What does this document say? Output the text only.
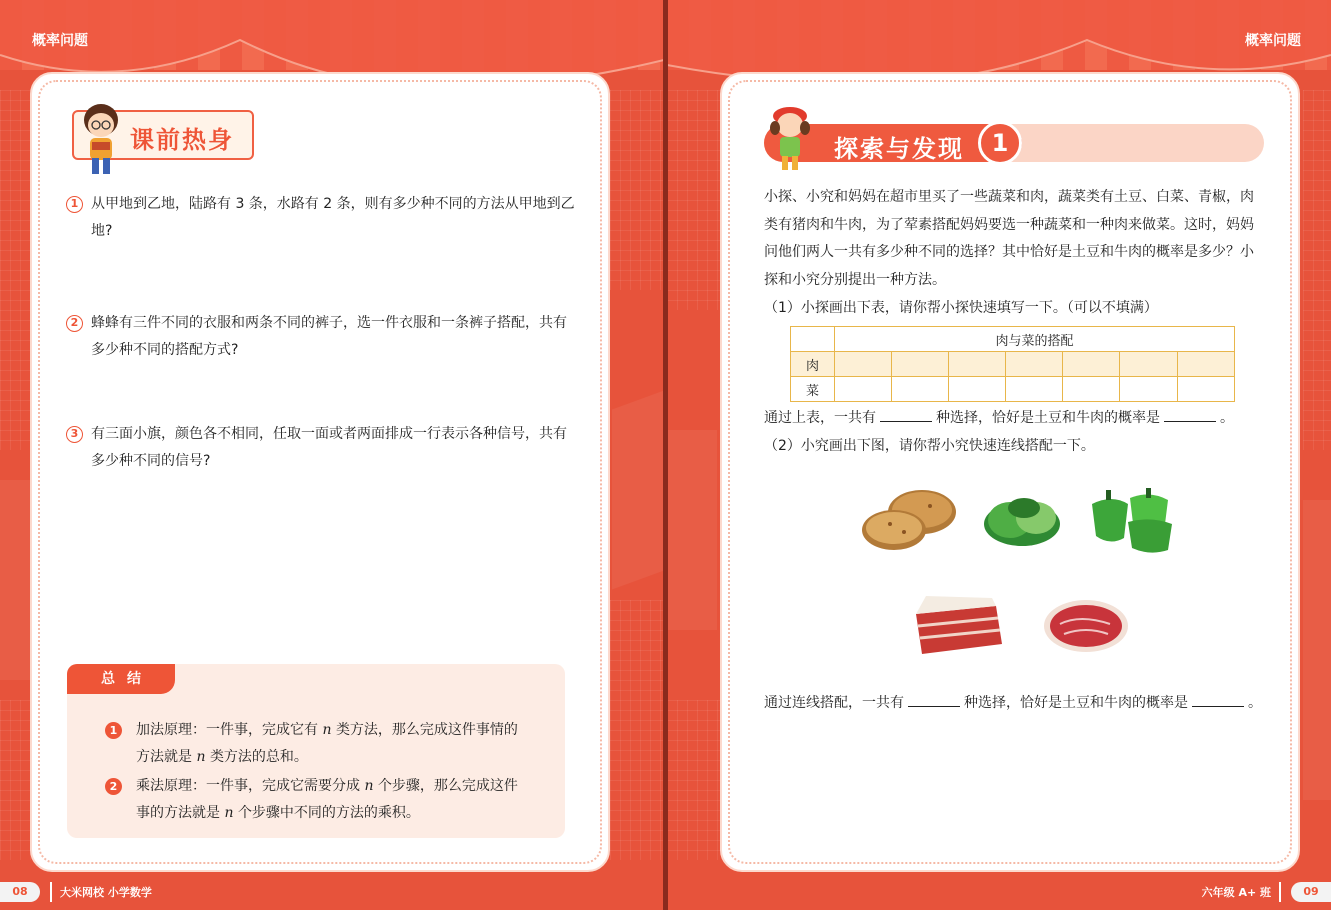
概率问题	概率问题
课前热身
1 从甲地到乙地，陆路有 3 条，水路有 2 条，则有多少种不同的方法从甲地到乙地?
2 蜂蜂有三件不同的衣服和两条不同的裤子，选一件衣服和一条裤子搭配，共有多少种不同的搭配方式?
3 有三面小旗，颜色各不相同，任取一面或者两面排成一行表示各种信号，共有多少种不同的信号?
总结
1	加法原理：一件事，完成它有 n 类方法，那么完成这件事情的方法就是 n 类方法的总和。
2	乘法原理：一件事，完成它需要分成 n 个步骤，那么完成这件事的方法就是 n 个步骤中不同的方法的乘积。
探索与发现	1
小探、小究和妈妈在超市里买了一些蔬菜和肉，蔬菜类有土豆、白菜、青椒，肉类有猪肉和牛肉，为了荤素搭配妈妈要选一种蔬菜和一种肉来做菜。这时，妈妈问他们两人一共有多少种不同的选择？其中恰好是土豆和牛肉的概率是多少？小探和小究分别提出一种方法。
（1）小探画出下表，请你帮小探快速填写一下。（可以不填满）
	肉与菜的搭配						
肉							
菜							
通过上表，一共有	种选择，恰好是土豆和牛肉的概率是	。
（2）小究画出下图，请你帮小究快速连线搭配一下。
通过连线搭配，一共有	种选择，恰好是土豆和牛肉的概率是	。
08	大米网校 小学数学	六年级 A+ 班	09
